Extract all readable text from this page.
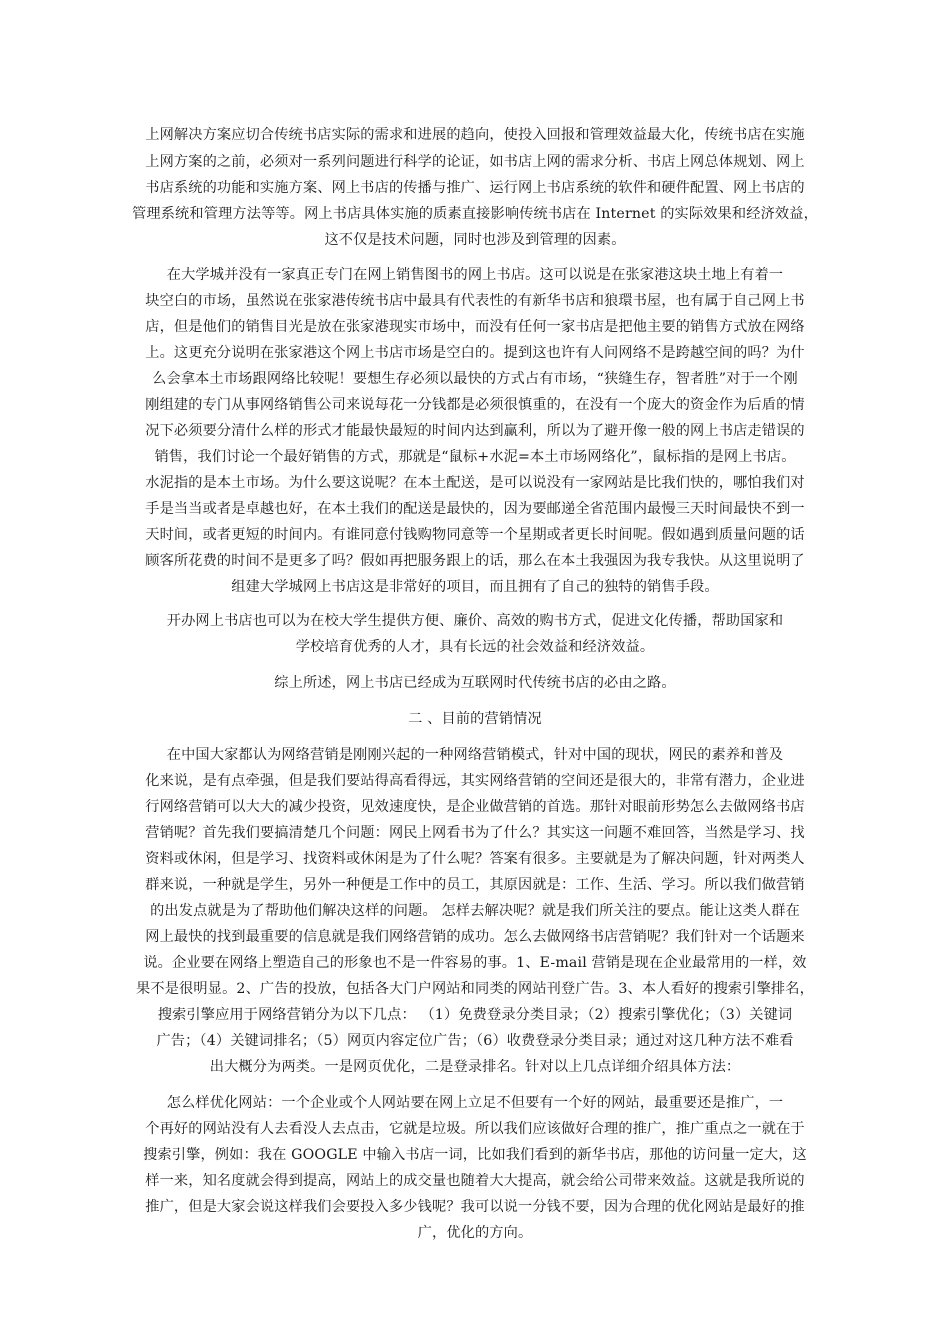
上网解决方案应切合传统书店实际的需求和进展的趋向，使投入回报和管理效益最大化，传统书店在实施
上网方案的之前，必须对一系列问题进行科学的论证，如书店上网的需求分析、书店上网总体规划、网上
书店系统的功能和实施方案、网上书店的传播与推广、运行网上书店系统的软件和硬件配置、网上书店的
管理系统和管理方法等等。网上书店具体实施的质素直接影响传统书店在 Internet 的实际效果和经济效益，
这不仅是技术问题，同时也涉及到管理的因素。
在大学城并没有一家真正专门在网上销售图书的网上书店。这可以说是在张家港这块土地上有着一
块空白的市场，虽然说在张家港传统书店中最具有代表性的有新华书店和狼環书屋，也有属于自己网上书
店，但是他们的销售目光是放在张家港现实市场中，而没有任何一家书店是把他主要的销售方式放在网络
上。这更充分说明在张家港这个网上书店市场是空白的。提到这也许有人问网络不是跨越空间的吗？为什
么会拿本土市场跟网络比较呢！要想生存必须以最快的方式占有市场，“狭缝生存，智者胜”对于一个刚
刚组建的专门从事网络销售公司来说每花一分钱都是必须很慎重的，在没有一个庞大的资金作为后盾的情
况下必须要分清什么样的形式才能最快最短的时间内达到赢利，所以为了避开像一般的网上书店走错误的
销售，我们讨论一个最好销售的方式，那就是“鼠标+水泥=本土市场网络化”，鼠标指的是网上书店。
水泥指的是本土市场。为什么要这说呢？在本土配送，是可以说没有一家网站是比我们快的，哪怕我们对
手是当当或者是卓越也好，在本土我们的配送是最快的，因为要邮递全省范围内最慢三天时间最快不到一
天时间，或者更短的时间内。有谁同意付钱购物同意等一个星期或者更长时间呢。假如遇到质量问题的话
顾客所花费的时间不是更多了吗？假如再把服务跟上的话，那么在本土我强因为我专我快。从这里说明了
组建大学城网上书店这是非常好的项目，而且拥有了自己的独特的销售手段。
开办网上书店也可以为在校大学生提供方便、廉价、高效的购书方式，促进文化传播，帮助国家和
学校培育优秀的人才，具有长远的社会效益和经济效益。
综上所述，网上书店已经成为互联网时代传统书店的必由之路。
二 、目前的营销情况
在中国大家都认为网络营销是刚刚兴起的一种网络营销模式，针对中国的现状，网民的素养和普及
化来说，是有点牵强，但是我们要站得高看得远，其实网络营销的空间还是很大的，非常有潜力，企业进
行网络营销可以大大的减少投资，见效速度快，是企业做营销的首选。那针对眼前形势怎么去做网络书店
营销呢？首先我们要搞清楚几个问题：网民上网看书为了什么？其实这一问题不难回答，当然是学习、找
资料或休闲，但是学习、找资料或休闲是为了什么呢？答案有很多。主要就是为了解决问题，针对两类人
群来说，一种就是学生，另外一种便是工作中的员工，其原因就是：工作、生活、学习。所以我们做营销
的出发点就是为了帮助他们解决这样的问题。 怎样去解决呢？就是我们所关注的要点。能让这类人群在
网上最快的找到最重要的信息就是我们网络营销的成功。怎么去做网络书店营销呢？我们针对一个话题来
说。企业要在网络上塑造自己的形象也不是一件容易的事。1、E-mail 营销是现在企业最常用的一样，效
果不是很明显。2、广告的投放，包括各大门户网站和同类的网站刊登广告。3、本人看好的搜索引擎排名，
搜索引擎应用于网络营销分为以下几点： （1）免费登录分类目录；（2）搜索引擎优化；（3）关键词
广告；（4）关键词排名；（5）网页内容定位广告；（6）收费登录分类目录；通过对这几种方法不难看
出大概分为两类。一是网页优化，二是登录排名。针对以上几点详细介绍具体方法：
怎么样优化网站：一个企业或个人网站要在网上立足不但要有一个好的网站，最重要还是推广，一
个再好的网站没有人去看没人去点击，它就是垃圾。所以我们应该做好合理的推广，推广重点之一就在于
搜索引擎，例如：我在 GOOGLE 中输入书店一词，比如我们看到的新华书店，那他的访问量一定大，这
样一来，知名度就会得到提高，网站上的成交量也随着大大提高，就会给公司带来效益。这就是我所说的
推广，但是大家会说这样我们会要投入多少钱呢？我可以说一分钱不要，因为合理的优化网站是最好的推
广，优化的方向。
